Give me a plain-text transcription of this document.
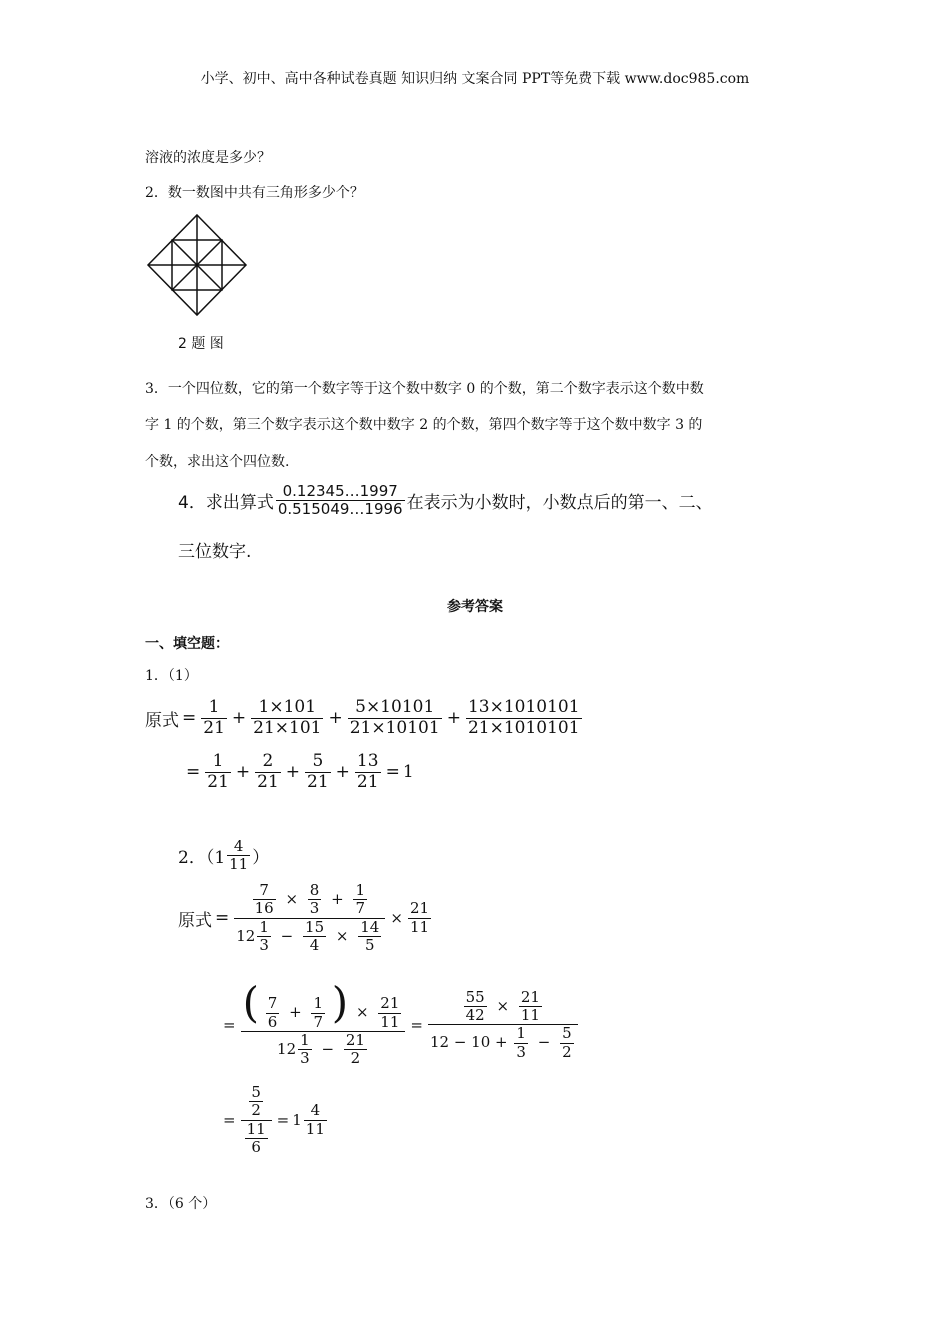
小学、初中、高中各种试卷真题 知识归纳 文案合同 PPT等免费下载 www.doc985.com
溶液的浓度是多少？
2．数一数图中共有三角形多少个？
2 题 图
3．一个四位数，它的第一个数字等于这个数中数字 0 的个数，第二个数字表示这个数中数
字 1 的个数，第三个数字表示这个数中数字 2 的个数，第四个数字等于这个数中数字 3 的
个数，求出这个四位数.
4．求出算式 $\frac{0.12345\dots 1997}{0.515049\dots 1996}$ 在表示为小数时，小数点后的第一、二、
三位数字.
参考答案
一、填空题：
1．（1）
原式 = $\frac{1}{21} + \frac{1\times 101}{21\times 101} + \frac{5\times 10101}{21\times 10101} + \frac{13\times 1010101}{21\times 1010101}$
= $\frac{1}{21} + \frac{2}{21} + \frac{5}{21} + \frac{13}{21} = 1$
2．（$1 \frac{4}{11}$ ）
原式 = $\frac{\frac{7}{16} \times \frac{8}{3} + \frac{1}{7}}{12 \frac{1}{3} - \frac{15}{4} \times \frac{14}{5}} \times \frac{21}{11}$
= $\frac{( \frac{7}{6} + \frac{1}{7} ) \times \frac{21}{11}}{12 \frac{1}{3} - \frac{21}{2}} = \frac{\frac{55}{42} \times \frac{21}{11}}{12 - 10 + \frac{1}{3} - \frac{5}{2}}$
= $\frac{\frac{5}{2}}{\frac{11}{6}} = 1 \frac{4}{11}$
3．（6 个）
